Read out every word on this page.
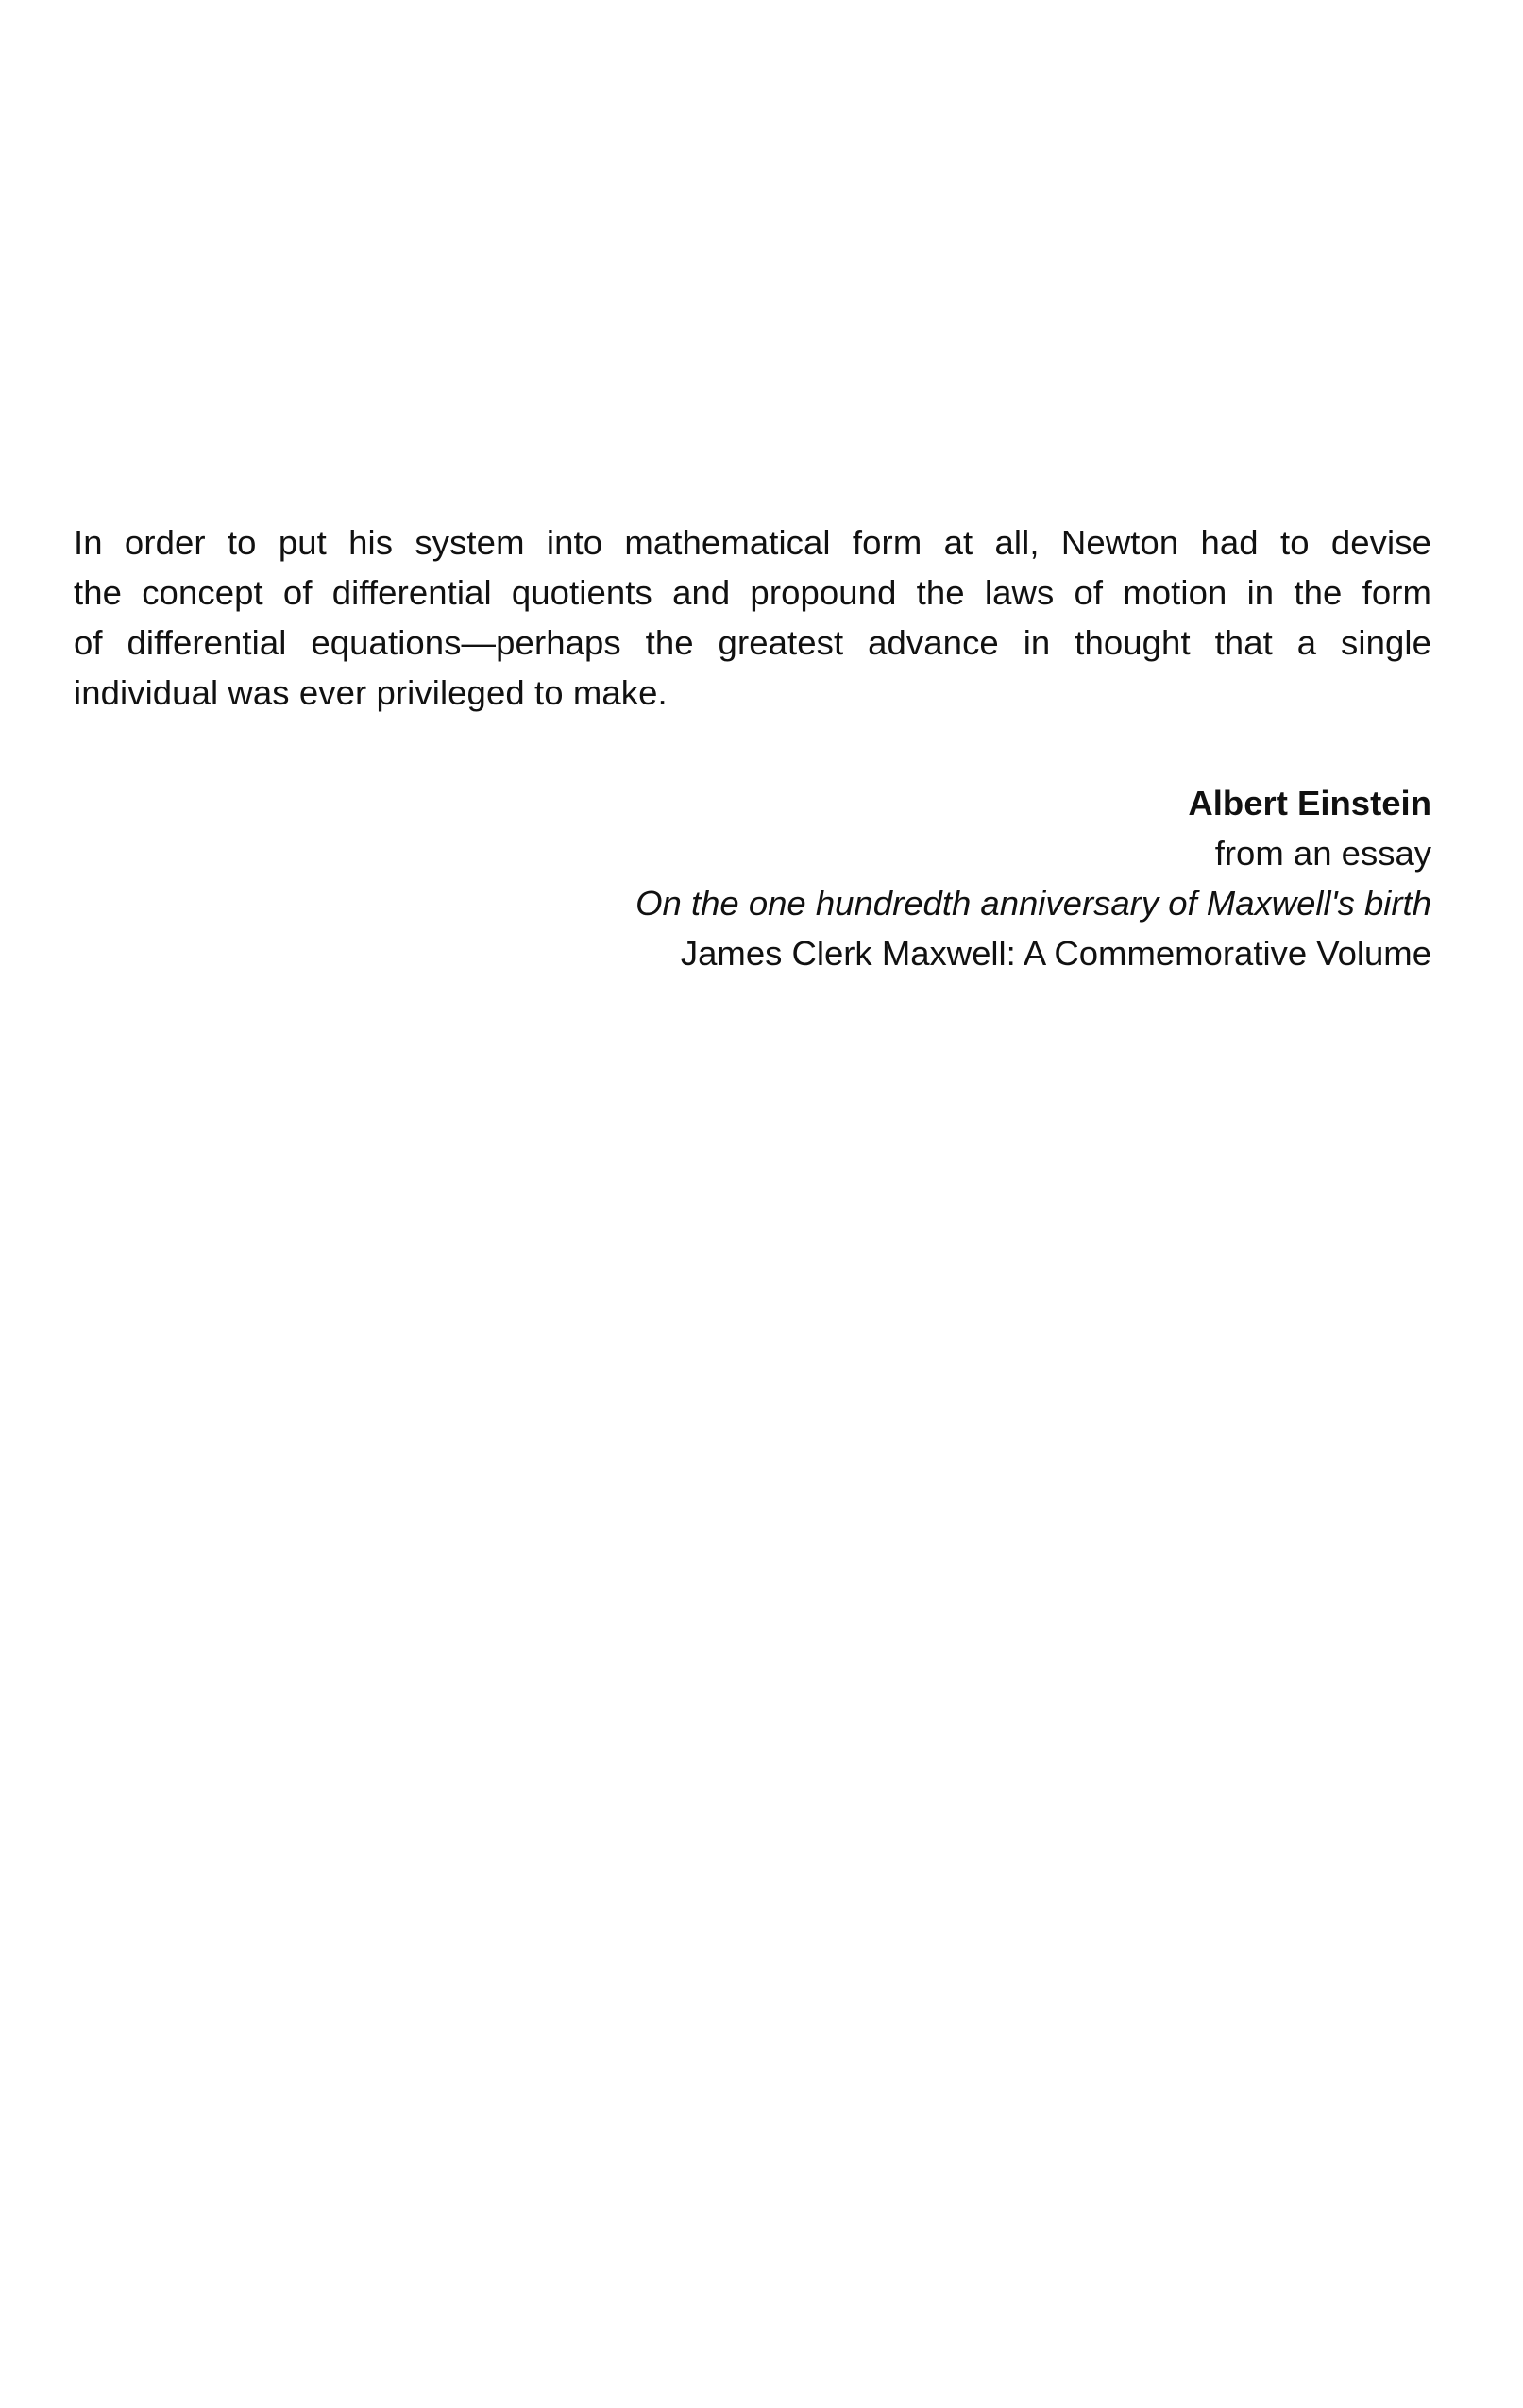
In order to put his system into mathematical form at all, Newton had to devise
the concept of differential quotients and propound the laws of motion in the form
of differential equations—perhaps the greatest advance in thought that a single
individual was ever privileged to make.

Albert Einstein
from an essay
On the one hundredth anniversary of Maxwell's birth
James Clerk Maxwell: A Commemorative Volume
